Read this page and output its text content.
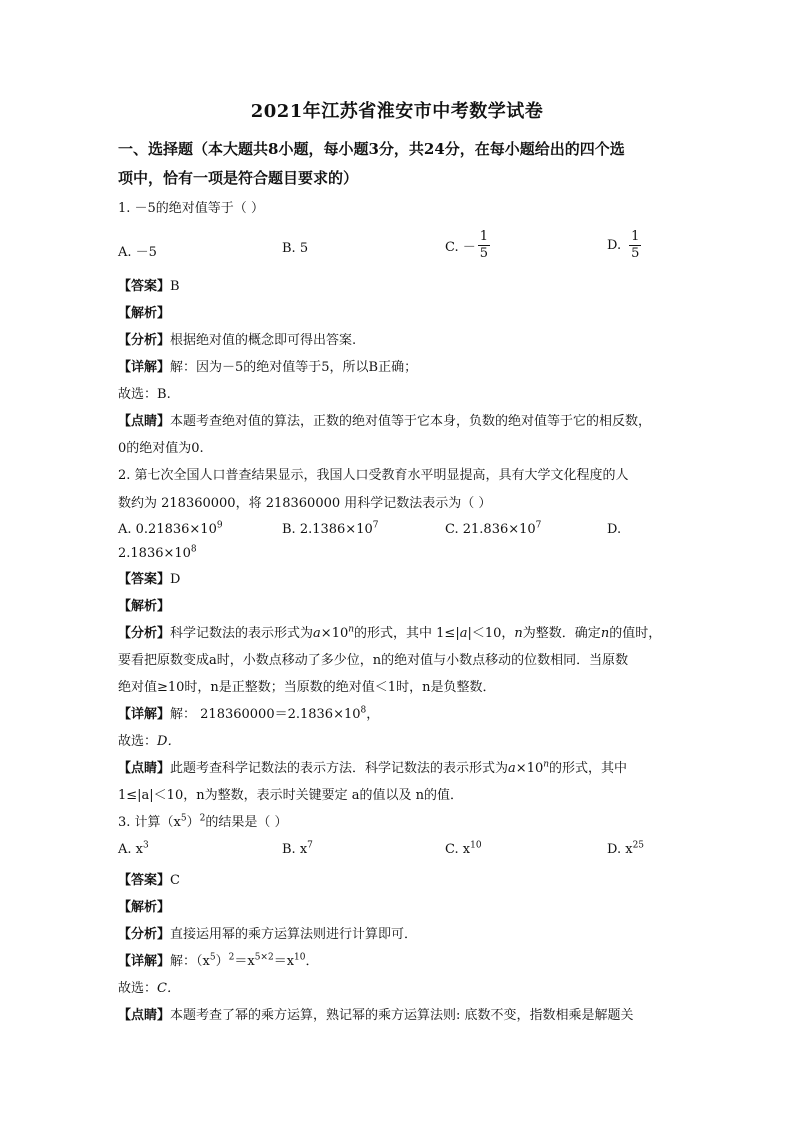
2021年江苏省淮安市中考数学试卷
一、选择题（本大题共8小题，每小题3分，共24分，在每小题给出的四个选
项中，恰有一项是符合题目要求的）
1. －5的绝对值等于（ ）
A. －5	B. 5	C. － $\frac{1}{5}$	D. $\frac{1}{5}$
【答案】B
【解析】
【分析】根据绝对值的概念即可得出答案.
【详解】解：因为－5的绝对值等于5，所以B正确；
故选：B.
【点睛】本题考查绝对值的算法，正数的绝对值等于它本身，负数的绝对值等于它的相反数，
0的绝对值为0.
2. 第七次全国人口普查结果显示，我国人口受教育水平明显提高，具有大学文化程度的人
数约为 218360000，将 218360000 用科学记数法表示为（ ）
A. $0.21836\times 10^9$	B. $2.1386\times 10^7$	C. $21.836\times 10^7$	D.
$2.1836\times 10^8$
【答案】D
【解析】
【分析】科学记数法的表示形式为$a\times 10^n$的形式，其中 1≤|a|＜10，n为整数．确定n的值时，
要看把原数变成a时，小数点移动了多少位，n的绝对值与小数点移动的位数相同．当原数
绝对值≥10时，n是正整数；当原数的绝对值＜1时，n是负整数．
【详解】解： $218360000=2.1836\times 10^8$，
故选：D．
【点睛】此题考查科学记数法的表示方法．科学记数法的表示形式为$a\times 10^n$的形式，其中
1≤|a|＜10，n为整数，表示时关键要定 a的值以及 n的值．
3. 计算$(x^5)^2$的结果是（ ）
A. $x^3$	B. $x^7$	C. $x^{10}$	D. $x^{25}$
【答案】C
【解析】
【分析】直接运用幂的乘方运算法则进行计算即可．
【详解】解：$(x^5)^2=x^{5\times 2}=x^{10}$．
故选：C．
【点睛】本题考查了幂的乘方运算，熟记幂的乘方运算法则: 底数不变，指数相乘是解题关
